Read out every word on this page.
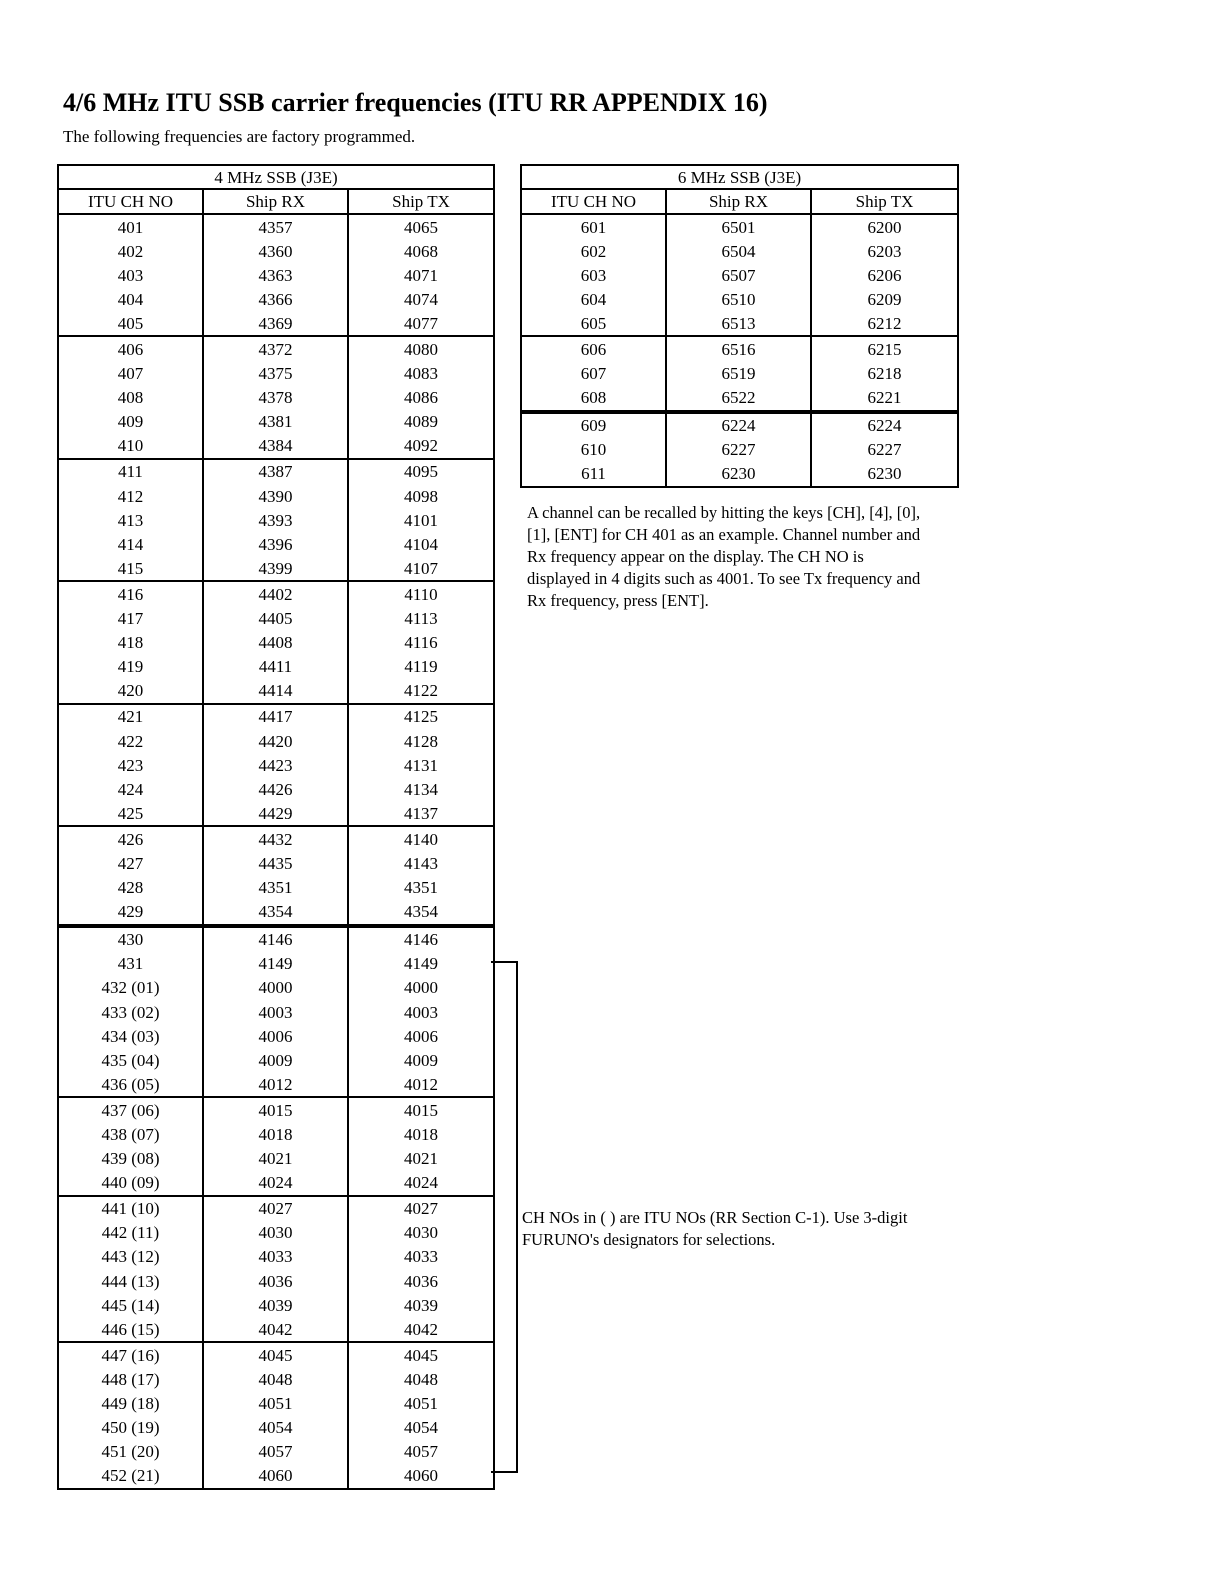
4/6 MHz ITU SSB carrier frequencies (ITU RR APPENDIX 16)

The following frequencies are factory programmed.

4 MHz SSB (J3E)		
ITU CH NO	Ship RX	Ship TX
401	4357	4065
402	4360	4068
403	4363	4071
404	4366	4074
405	4369	4077
406	4372	4080
407	4375	4083
408	4378	4086
409	4381	4089
410	4384	4092
411	4387	4095
412	4390	4098
413	4393	4101
414	4396	4104
415	4399	4107
416	4402	4110
417	4405	4113
418	4408	4116
419	4411	4119
420	4414	4122
421	4417	4125
422	4420	4128
423	4423	4131
424	4426	4134
425	4429	4137
426	4432	4140
427	4435	4143
428	4351	4351
429	4354	4354
430	4146	4146
431	4149	4149
432 (01)	4000	4000
433 (02)	4003	4003
434 (03)	4006	4006
435 (04)	4009	4009
436 (05)	4012	4012
437 (06)	4015	4015
438 (07)	4018	4018
439 (08)	4021	4021
440 (09)	4024	4024
441 (10)	4027	4027
442 (11)	4030	4030
443 (12)	4033	4033
444 (13)	4036	4036
445 (14)	4039	4039
446 (15)	4042	4042
447 (16)	4045	4045
448 (17)	4048	4048
449 (18)	4051	4051
450 (19)	4054	4054
451 (20)	4057	4057
452 (21)	4060	4060
6 MHz SSB (J3E)		
ITU CH NO	Ship RX	Ship TX
601	6501	6200
602	6504	6203
603	6507	6206
604	6510	6209
605	6513	6212
606	6516	6215
607	6519	6218
608	6522	6221
609	6224	6224
610	6227	6227
611	6230	6230

A channel can be recalled by hitting the keys [CH], [4], [0], [1], [ENT] for CH 401 as an example. Channel number and Rx frequency appear on the display. The CH NO is displayed in 4 digits such as 4001. To see Tx frequency and Rx frequency, press [ENT].

CH NOs in ( ) are ITU NOs (RR Section C-1). Use 3-digit FURUNO's designators for selections.
